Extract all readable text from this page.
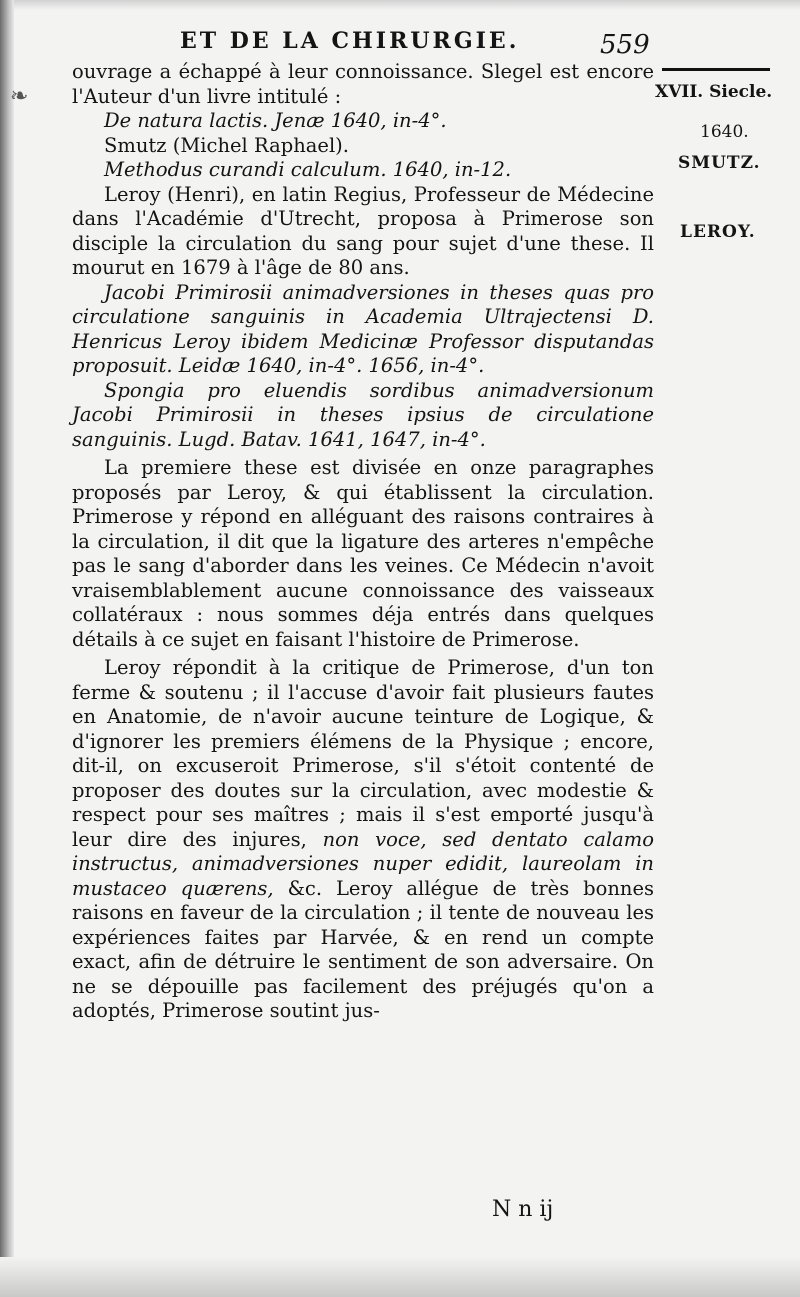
❧
ET DE LA CHIRURGIE.	559
XVII. Siecle.
1640.
SMUTZ.
LEROY.

ouvrage a échappé à leur connoissance. Slegel est encore l'Auteur d'un livre intitulé :

De natura lactis. Jenæ 1640, in-4°.

Smutz (Michel Raphael).

Methodus curandi calculum. 1640, in-12.

Leroy (Henri), en latin Regius, Professeur de Médecine dans l'Académie d'Utrecht, proposa à Primerose son disciple la circulation du sang pour sujet d'une these. Il mourut en 1679 à l'âge de 80 ans.

Jacobi Primirosii animadversiones in theses quas pro circulatione sanguinis in Academia Ultrajectensi D. Henricus Leroy ibidem Medicinæ Professor disputandas proposuit. Leidæ 1640, in-4°. 1656, in-4°.

Spongia pro eluendis sordibus animadversionum Jacobi Primirosii in theses ipsius de circulatione sanguinis. Lugd. Batav. 1641, 1647, in-4°.

La premiere these est divisée en onze paragraphes proposés par Leroy, & qui établissent la circulation. Primerose y répond en alléguant des raisons contraires à la circulation, il dit que la ligature des arteres n'empêche pas le sang d'aborder dans les veines. Ce Médecin n'avoit vraisemblablement aucune connoissance des vaisseaux collatéraux : nous sommes déja entrés dans quelques détails à ce sujet en faisant l'histoire de Primerose.

Leroy répondit à la critique de Primerose, d'un ton ferme & soutenu ; il l'accuse d'avoir fait plusieurs fautes en Anatomie, de n'avoir aucune teinture de Logique, & d'ignorer les premiers élémens de la Physique ; encore, dit-il, on excuseroit Primerose, s'il s'étoit contenté de proposer des doutes sur la circulation, avec modestie & respect pour ses maîtres ; mais il s'est emporté jusqu'à leur dire des injures, non voce, sed dentato calamo instructus, animadversiones nuper edidit, laureolam in mustaceo quærens, &c. Leroy allégue de très bonnes raisons en faveur de la circulation ; il tente de nouveau les expériences faites par Harvée, & en rend un compte exact, afin de détruire le sentiment de son adversaire. On ne se dépouille pas facilement des préjugés qu'on a adoptés, Primerose soutint jus-

N n ij
